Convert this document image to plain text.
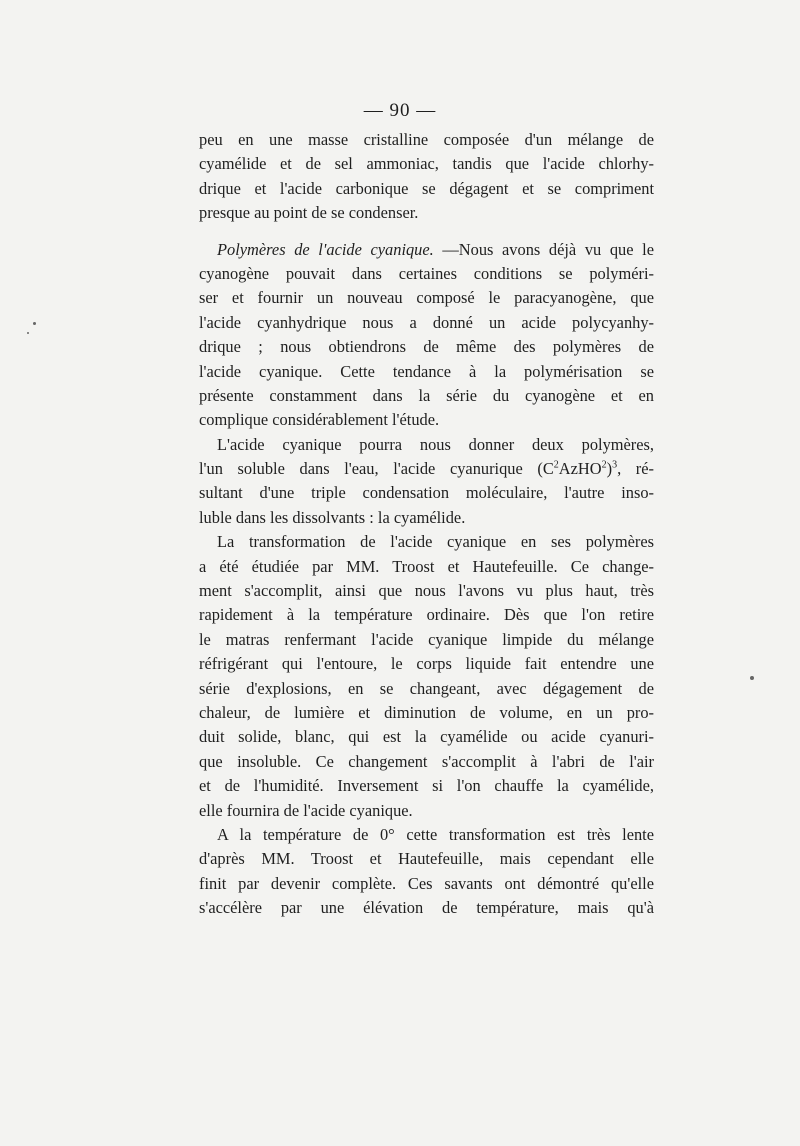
— 90 —
peu en une masse cristalline composée d'un mélange de
cyamélide et de sel ammoniac, tandis que l'acide chlorhy-
drique et l'acide carbonique se dégagent et se compriment
presque au point de se condenser.
Polymères de l'acide cyanique. —Nous avons déjà vu que le
cyanogène pouvait dans certaines conditions se polyméri-
ser et fournir un nouveau composé le paracyanogène, que
l'acide cyanhydrique nous a donné un acide polycyanhy-
drique ; nous obtiendrons de même des polymères de
l'acide cyanique. Cette tendance à la polymérisation se
présente constamment dans la série du cyanogène et en
complique considérablement l'étude.
L'acide cyanique pourra nous donner deux polymères,
l'un soluble dans l'eau, l'acide cyanurique $(C^2AzHO^2)^3$, ré-
sultant d'une triple condensation moléculaire, l'autre inso-
luble dans les dissolvants : la cyamélide.
La transformation de l'acide cyanique en ses polymères
a été étudiée par MM. Troost et Hautefeuille. Ce change-
ment s'accomplit, ainsi que nous l'avons vu plus haut, très
rapidement à la température ordinaire. Dès que l'on retire
le matras renfermant l'acide cyanique limpide du mélange
réfrigérant qui l'entoure, le corps liquide fait entendre une
série d'explosions, en se changeant, avec dégagement de
chaleur, de lumière et diminution de volume, en un pro-
duit solide, blanc, qui est la cyamélide ou acide cyanuri-
que insoluble. Ce changement s'accomplit à l'abri de l'air
et de l'humidité. Inversement si l'on chauffe la cyamélide,
elle fournira de l'acide cyanique.
A la température de 0° cette transformation est très lente
d'après MM. Troost et Hautefeuille, mais cependant elle
finit par devenir complète. Ces savants ont démontré qu'elle
s'accélère par une élévation de température, mais qu'à
